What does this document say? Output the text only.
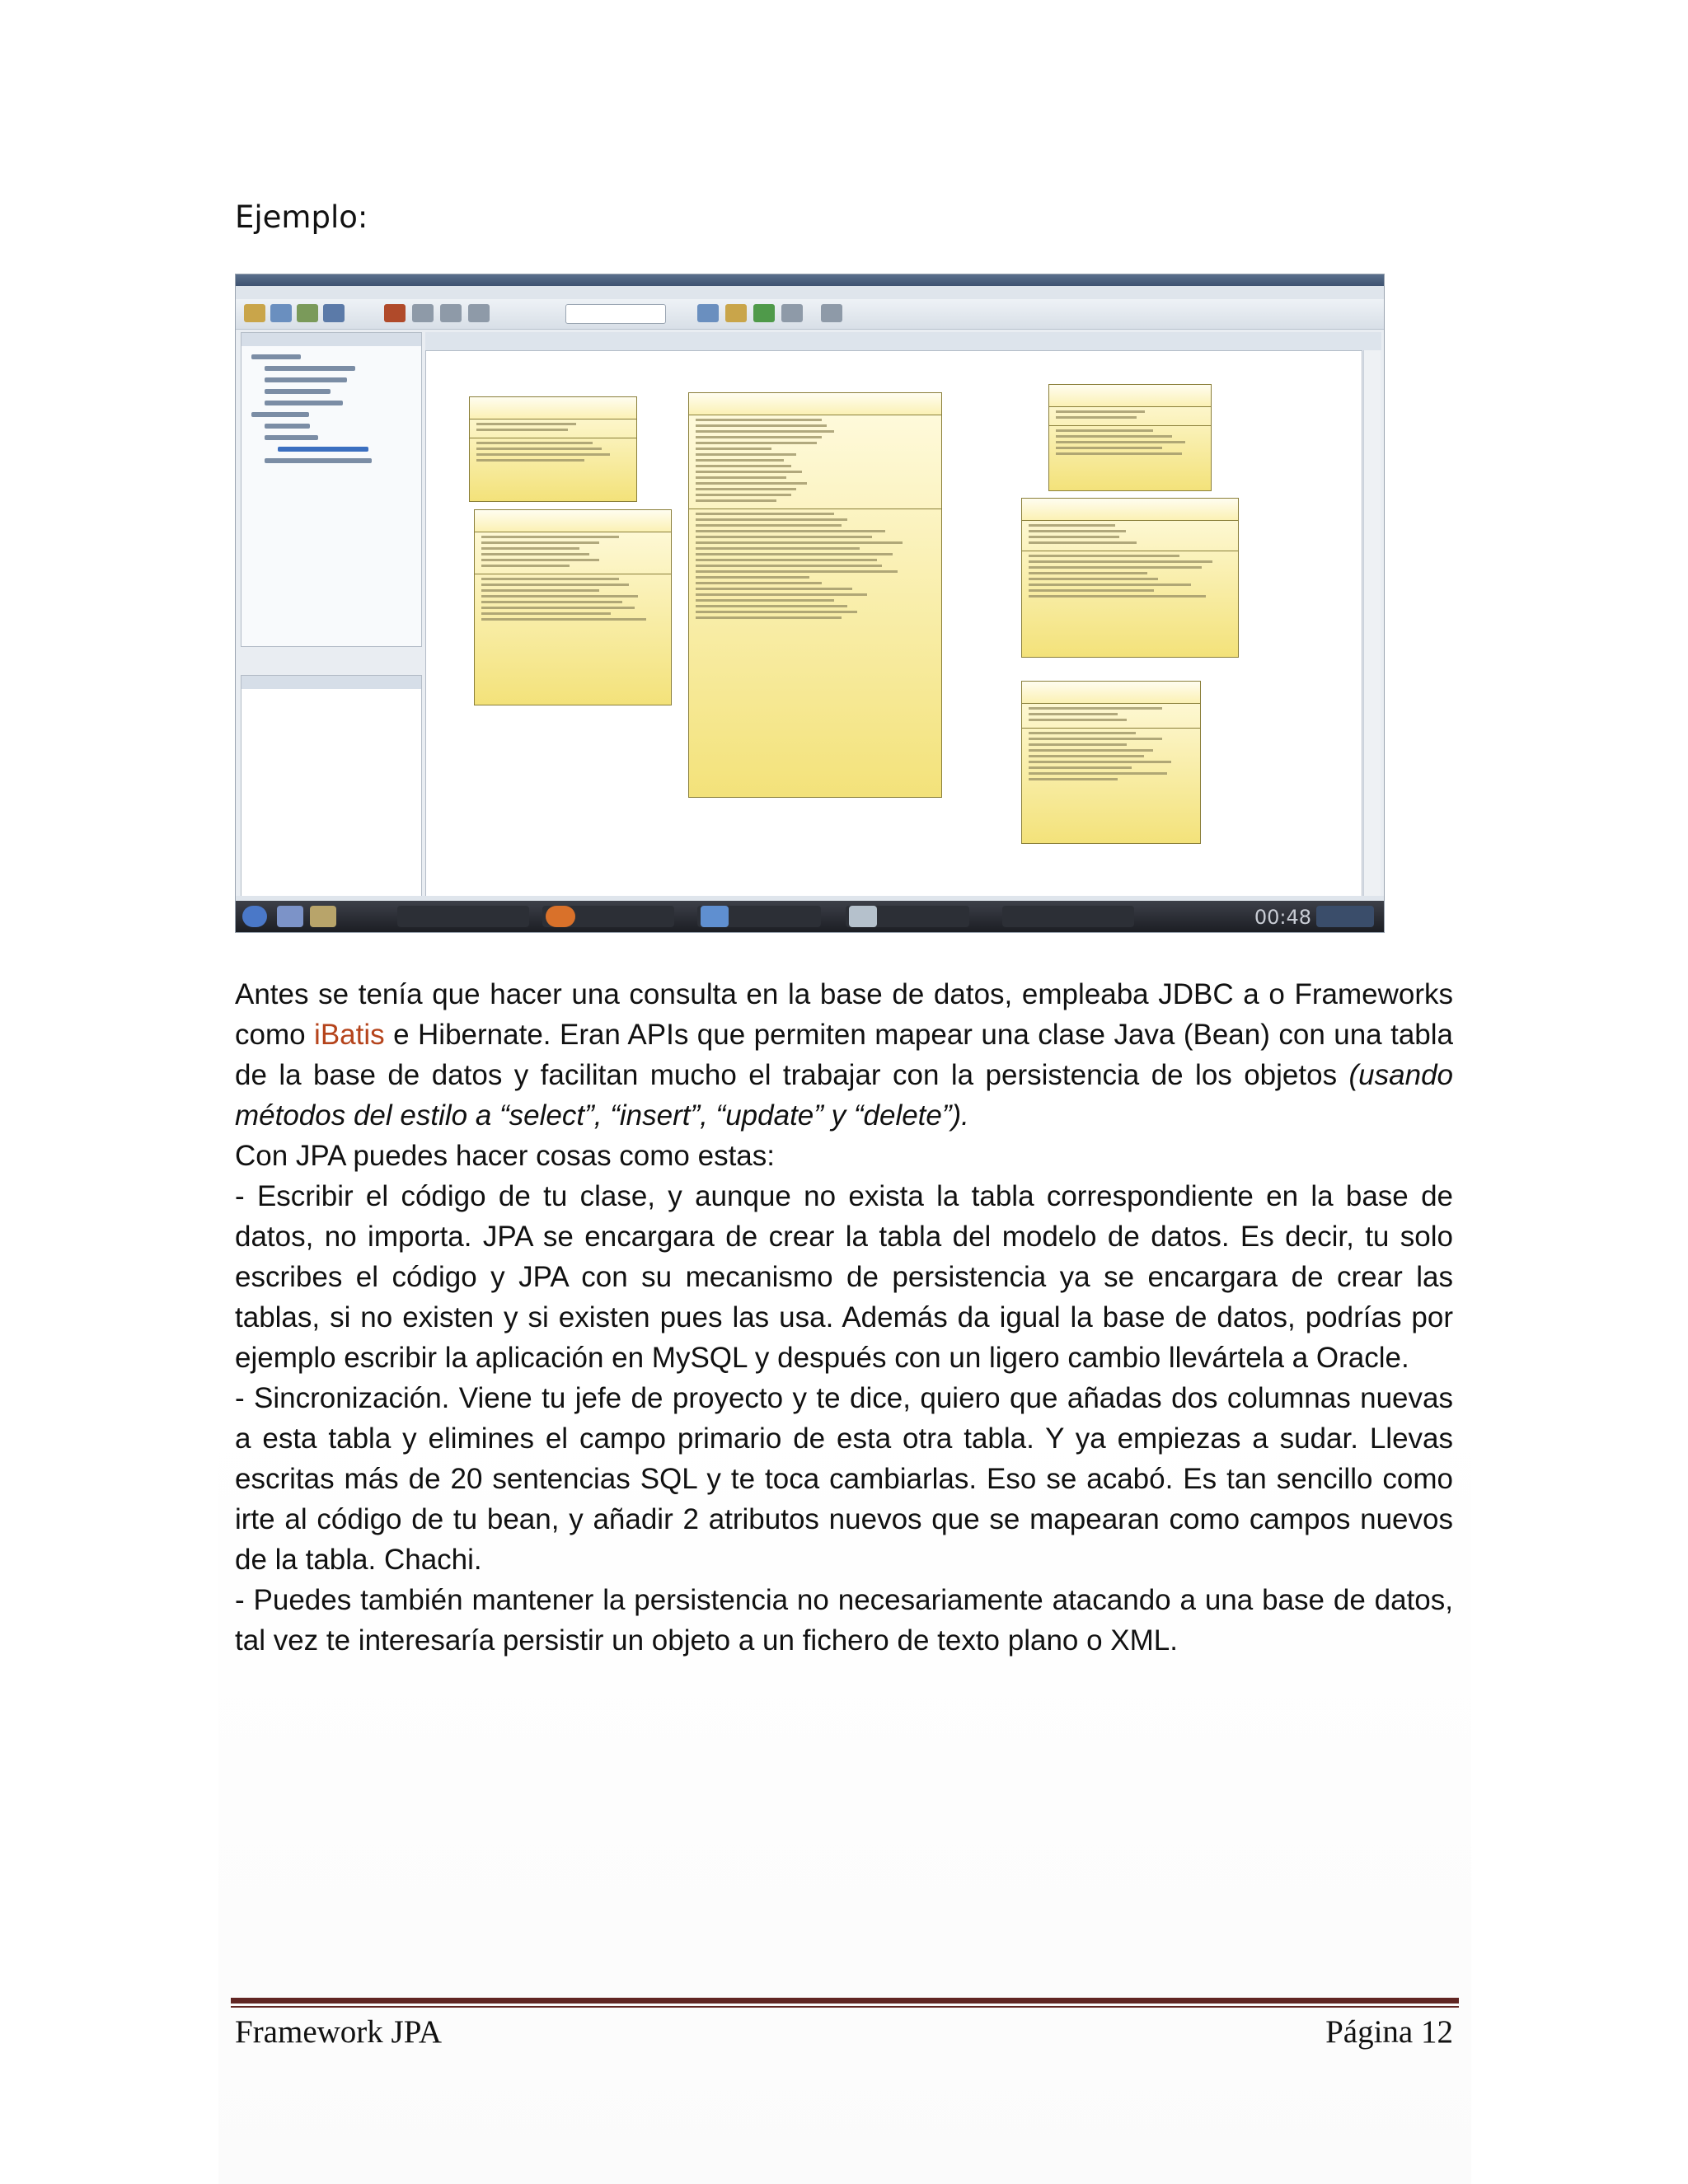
Ejemplo:
00:48

Antes se tenía que hacer una consulta en la base de datos, empleaba JDBC a o Frameworks como iBatis e Hibernate. Eran APIs que permiten mapear una clase Java (Bean) con una tabla de la base de datos y facilitan mucho el trabajar con la persistencia de los objetos (usando métodos del estilo a “select”, “insert”, “update” y “delete”).

Con JPA puedes hacer cosas como estas:

- Escribir el código de tu clase, y aunque no exista la tabla correspondiente en la base de datos, no importa. JPA se encargara de crear la tabla del modelo de datos. Es decir, tu solo escribes el código y JPA con su mecanismo de persistencia ya se encargara de crear las tablas, si no existen y si existen pues las usa. Además da igual la base de datos, podrías por ejemplo escribir la aplicación en MySQL y después con un ligero cambio llevártela a Oracle.

- Sincronización. Viene tu jefe de proyecto y te dice, quiero que añadas dos columnas nuevas a esta tabla y elimines el campo primario de esta otra tabla. Y ya empiezas a sudar. Llevas escritas más de 20 sentencias SQL y te toca cambiarlas. Eso se acabó. Es tan sencillo como irte al código de tu bean, y añadir 2 atributos nuevos que se mapearan como campos nuevos de la tabla. Chachi.

- Puedes también mantener la persistencia no necesariamente atacando a una base de datos, tal vez te interesaría persistir un objeto a un fichero de texto plano o XML.

Framework JPA	Página 12
